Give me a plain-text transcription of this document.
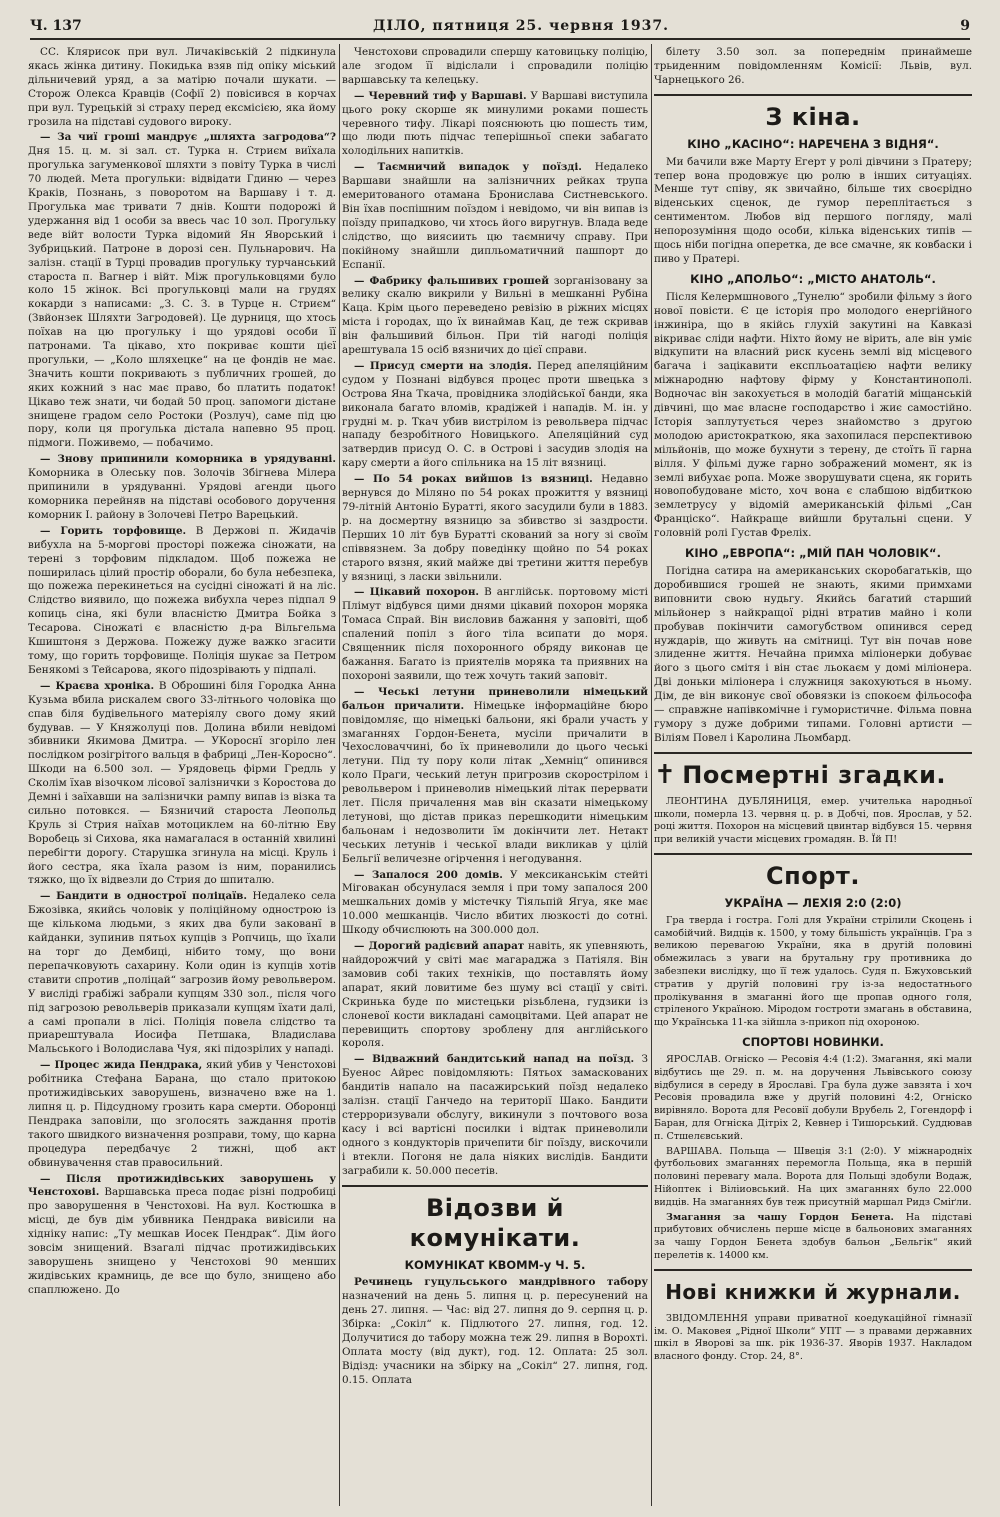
Ч. 137	ДІЛО, пятниця 25. червня 1937.	9

СС. Клярисок при вул. Личаківській 2 підкинула якась жінка дитину. Покидька взяв під опіку міський дільничевий уряд, а за матірю почали шукати. — Сторож Олекса Кравців (Софії 2) повісився в корчах при вул. Турецькій зі страху перед ексмісією, яка йому грозила на підставі судового вироку.

— За чиї гроші мандрує „шляхта загродова“? Дня 15. ц. м. зі зал. ст. Турка н. Стриєм виїхала прогулька загуменкової шляхти з повіту Турка в числі 70 людей. Мета прогульки: відвідати Гдиню — через Краків, Познань, з поворотом на Варшаву і т. д. Прогулька має тривати 7 днів. Кошти подорожі й удержання від 1 особи за ввесь час 10 зол. Прогульку веде війт волости Турка відомий Ян Яворський і Зубрицький. Патроне в дорозі сен. Пульнарович. На залізн. стації в Турці провадив прогульку турчанський староста п. Вагнер і війт. Між прогульковцями було коло 15 жінок. Всі прогульковці мали на грудях кокарди з написами: „З. С. З. в Турце н. Стриєм“ (Звйонзек Шляхти Загродовей). Це дурниця, що хтось поїхав на цю прогульку і що урядові особи її патронами. Та цікаво, хто покриває кошти цієї прогульки, — „Коло шляхецке“ на це фондів не має. Значить кошти покривають з публичних грошей, до яких кожний з нас має право, бо платить податок! Цікаво теж знати, чи бодай 50 проц. запомоги дістане знищене градом село Ростоки (Розлуч), саме під цю пору, коли ця прогулька дістала напевно 95 проц. підмоги. Поживемо, — побачимо.

— Знову припинили коморника в урядуванні. Коморника в Олеську пов. Золочів Збігнева Мілера припинили в урядуванні. Урядові агенди цього коморника перейняв на підставі особового доручення коморник I. району в Золочеві Петро Варецький.

— Горить торфовище. В Держові п. Жидачів вибухла на 5-моргові просторі пожежа сіножати, на терені з торфовим підкладом. Щоб пожежа не поширилась цілий простір оборали, бо була небезпека, що пожежа перекинеться на сусідні сіножаті й на ліс. Слідство виявило, що пожежа вибухла через підпал 9 копиць сіна, які були власністю Дмитра Бойка з Тесарова. Сіножаті є власністю д-ра Вільгельма Кшиштоня з Держова. Пожежу дуже важко згасити тому, що горить торфовище. Поліція шукає за Петром Бенякомі з Тейсарова, якого підозрівають у підпалі.

— Краєва хроніка. В Оброшині біля Городка Анна Кузьма вбила рискалем свого 33-літнього чоловіка що спав біля будівельного матеріялу свого дому який будував. — У Княжолуці пов. Долина вбили невідомі збивники Якимова Дмитра. — УКороснї згоріло лен послідком розігрітого вальця в фабриці „Лен-Коросно“. Шкоди на 6.500 зол. — Урядовець фірми Гредль у Сколім їхав візочком лісової залізнички з Коростова до Демні і заїхавши на залізнички рампу випав із візка та сильно потовкся. — Бязничий староста Леопольд Круль зі Стрия наїхав мотоциклем на 60-літню Еву Воробець зі Сихова, яка намагалася в останній хвилині перебігти дорогу. Старушка згинула на місці. Круль і його сестра, яка їхала разом із ним, поранились тяжко, що їх відвезли до Стрия до шпиталю.

— Бандити в однострої поліцаїв. Недалеко села Бжозівка, якийсь чоловік у поліційному однострою із ще кількома людьми, з яких два були закованї в кайданки, зупинив пятьох купців з Ропчиць, що їхали на торг до Дембиці, нібито тому, що вони перепачковують сахарину. Коли один із купців хотів ставити спротив „поліцай“ загрозив йому револьвером. У висліді грабіжі забрали купцям 330 зол., після чого під загрозою револьверів приказали купцям їхати далі, а самі пропали в лісі. Поліція повела слідство та приарештувала Иосифа Петшака, Владислава Мальського і Володислава Чуя, які підозрілих у нападі.

— Процес жида Пендрака, який убив у Ченстохові робітника Стефана Барана, що стало притокою протижидівських заворушень, визначено вже на 1. липня ц. р. Підсудному грозить кара смерти. Оборонці Пендрака заповіли, що зголосять заждання протів такого швидкого визначення розправи, тому, що карна процедура передбачує 2 тижні, щоб акт обвинувачення став правосильний.

— Після протижидівських заворушень у Ченстохові. Варшавська преса подає різні подробиці про заворушення в Ченстохові. На вул. Костюшка в місці, де був дім убивника Пендрака вивісили на хідніку напис: „Ту мешкав Иосек Пендрак“. Дім його зовсім знищений. Взагалі підчас протижидівських заворушень знищено у Ченстохові 90 менших жидівських крамниць, де все що було, знищено або спаплюжено. До

Ченстохови спровадили спершу катовицьку поліцію, але згодом її відіслали і спровадили поліцію варшавську та келецьку.

— Черевний тиф у Варшаві. У Варшаві виступила цього року скорше як минулими роками пошесть черевного тифу. Лікарі пояснюють цю пошесть тим, що люди пють підчас теперішньої спеки забагато холодільних напитків.

— Таємничий випадок у поїзді. Недалеко Варшави знайшли на залізничних рейках трупа емеритованого отамана Бронислава Систневського. Він їхав поспішним поїздом і невідомо, чи він випав із поїзду припадково, чи хтось його виругнув. Влада веде слідство, що виясиить цю таємничу справу. При покійному знайшли дипльоматичний пашпорт до Еспанії.

— Фабрику фальшивих грошей зорганізовану за велику скалю викрили у Вильні в мешканні Рубіна Каца. Крім цього переведено ревізію в ріжних місцях міста і городах, що їх винаймав Кац, де теж скривав він фальшивий більон. При тій нагоді поліція арештувала 15 осіб вязничих до цієї справи.

— Присуд смерти на злодія. Перед апеляційним судом у Познані відбувся процес проти швецька з Острова Яна Ткача, провідника злодійської банди, яка виконала багато вломів, крадіжей і нападів. М. ін. у грудні м. р. Ткач убив вистрілом із револьвера підчас нападу безробітного Новицького. Апеляційний суд затвердив присуд О. С. в Острові і засудив злодія на кару смерти а його спільника на 15 літ вязниці.

— По 54 роках вийшов із вязниці. Недавно вернувся до Міляно по 54 роках прожиття у вязниці 79-літній Антоніо Буратті, якого засудили були в 1883. р. на досмертну вязницю за збивство зі заздрости. Перших 10 літ був Буратті скований за ногу зі своїм співвязнем. За добру поведінку щойно по 54 роках старого вязня, який майже дві третини життя перебув у вязниці, з ласки звільнили.

— Цікавий похорон. В англійськ. портовому місті Плімут відбувся цими днями цікавий похорон моряка Томаса Спрай. Він висловив бажання у заповіті, щоб спалений попіл з його тіла всипати до моря. Священник після похоронного обряду виконав це бажання. Багато із приятелів моряка та приявних на похороні заявили, що теж хочуть такий заповіт.

— Чеські летуни приневолили німецький бальон причалити. Німецьке інформаційне бюро повідомляє, що німецькі бальони, які брали участь у змаганнях Гордон-Бенета, мусіли причалити в Чехословаччині, бо їх приневолили до цього чеські летуни. Під ту пору коли літак „Хемніц“ опинився коло Праги, чеський летун пригрозив скорострілом і револьвером і приневолив німецький літак перервати лет. Після причалення мав він сказати німецькому летунові, що дістав приказ перешкодити німецьким бальонам і недозволити їм докінчити лет. Нетакт чеських летунів і чеської влади викликав у цілій Бельгії величезне огірчення і негодування.

— Запалося 200 домів. У мексиканськім стейті Міговакан обсунулася земля і при тому запалося 200 мешкальних домів у містечку Тіяльпій Ягуа, яке має 10.000 мешканців. Число вбитих люзкості до сотні. Шкоду обчислюють на 300.000 дол.

— Дорогий радієвий апарат навіть, як упевняють, найдорожчий у світі має магараджа з Патіяля. Він замовив собі таких техніків, що поставлять йому апарат, який ловитиме без шуму всі стації у світі. Скринька буде по мистецьки різьблена, гудзики із слоневої кости викладані самоцвітами. Цей апарат не перевищить спортову зроблену для англійського короля.

— Відважний бандитський напад на поїзд. З Буенос Айрес повідомляють: Пятьох замаскованих бандитів напало на пасажирський поїзд недалеко залізн. стації Ганчедо на території Шако. Бандити стерроризували обслугу, викинули з почтового воза касу і всі вартісні посилки і відтак приневолили одного з кондукторів причепити біг поїзду, вискочили і втекли. Погоня не дала ніяких вислідів. Бандити заграбили к. 50.000 песетів.

Відозви й комунікати.
КОМУНІКАТ КВОММ-у Ч. 5.

Речинець гуцульського мандрівного табору назначений на день 5. липня ц. р. пересунений на день 27. липня. — Час: від 27. липня до 9. серпня ц. р. Збірка: „Сокіл“ к. Підлютого 27. липня, год. 12. Долучитися до табору можна теж 29. липня в Ворохті. Оплата мосту (від дукт), год. 12. Оплата: 25 зол. Відізд: учасники на збірку на „Сокіл“ 27. липня, год. 0.15. Оплата

білету 3.50 зол. за попереднім принаймеше трьиденним повідомленням Комісії: Львів, вул. Чарнецького 26.

З кіна.
КІНО „КАСІНО“: НАРЕЧЕНА З ВІДНЯ“.

Ми бачили вже Марту Егерт у ролі дівчини з Пратеру; тепер вона продовжує цю ролю в інших ситуаціях. Менше тут співу, як звичайно, більше тих своєрідно віденських сценок, де гумор переплітається з сентиментом. Любов від першого погляду, малі непорозуміння щодо особи, кілька віденських типів — щось ніби погідна оперетка, де все смачне, як ковбаски і пиво у Пратері.

КІНО „АПОЛЬО“: „МІСТО АНАТОЛЬ“.

Після Келермшнового „Тунелю“ зробили фільму з його нової повісти. Є це історія про молодого енергійного інжиніра, що в якійсь глухій закутині на Кавказі вікриває сліди нафти. Ніхто йому не вірить, але він уміє відкупити на власний риск кусень землі від місцевого багача і зацікавити експльоатацією нафти велику міжнародню нафтову фірму у Константинополі. Водночас він закохується в молодій багатій міщанській дівчині, що має власне господарство і жиє самостійно. Історія заплутується через знайомство з другою молодою аристократкою, яка захопилася перспективою мільйонів, що може бухнути з терену, де стоїть її гарна вілля. У фільмі дуже гарно зображений момент, як із землі вибухає ропа. Може зворушувати сцена, як горить новопобудоване місто, хоч вона є слабшою відбиткою землетрусу у відомій американській фільмі „Сан Франціско“. Найкраще вийшли брутальні сцени. У головній ролі Густав Фреліх.

КІНО „ЕВРОПА“: „МІЙ ПАН ЧОЛОВІК“.

Погідна сатира на американських скоробагатьків, що доробившися грошей не знають, якими примхами виповнити свою нудьгу. Якийсь багатий старший мільйонер з найкращої рідні втратив майно і коли пробував покінчити самогубством опинився серед нуждарів, що живуть на смітниці. Тут він почав нове злиденне життя. Нечайна примха міліонерки добуває його з цього смітя і він стає льокаєм у домі міліонера. Дві доньки міліонера і служниця закохуються в ньому. Дім, де він виконує свої обовязки із спокоєм фільософа — справжне напівкомічне і гумористичне. Фільма повна гумору з дуже добрими типами. Головні артисти — Віліям Повел і Каролина Льомбард.

✝ Посмертні згадки.

ЛЕОНТИНА ДУБЛЯНИЦЯ, емер. учителька народньої школи, померла 13. червня ц. р. в Добчі, пов. Ярослав, у 52. році життя. Похорон на місцевий цвинтар відбувся 15. червня при великій участи місцевих громадян. В. Їй П!

Спорт.
УКРАЇНА — ЛЕХІЯ 2:0 (2:0)

Гра тверда і гостра. Голі для України стрілили Скоцень і самобійчий. Видців к. 1500, у тому більшість українців. Гра з великою перевагою України, яка в другій половині обмежилась з уваги на брутальну гру противника до забезпеки вислідку, що її теж удалось. Судя п. Бжуховський стратив у другій половині гру із-за недостатнього пролікування в змаганні його ще пропав одного голя, стріленого Україною. Міродом гостроти змагань в обставина, що Українська 11-ка зійшла з-прикоп під охороною.

СПОРТОВІ НОВИНКИ.

ЯРОСЛАВ. Огніско — Ресовія 4:4 (1:2). Змагання, які мали відбутись ще 29. п. м. на доручення Львівського союзу відбулися в середу в Ярославі. Гра була дуже завзята і хоч Ресовія провадила вже у другій половині 4:2, Огніско вирівняло. Ворота для Ресовії добули Врубель 2, Гогендорф і Баран, для Огніска Дітріх 2, Кевнер і Тишорський. Суддював п. Стшелєвський.

ВАРШАВА. Польща — Швеція 3:1 (2:0). У міжнародніх футбольових змаганнях перемогла Польща, яка в першій половині перевагу мала. Ворота для Польщі здобули Водаж, Нійоптек і Віліиовський. На цих змаганнях було 22.000 видців. На змаганнях був теж присутній маршал Ридз Сміґли.

Змагання за чашу Гордон Бенета. На підставі прибутових обчислень перше місце в бальонових змаганнях за чашу Гордон Бенета здобув бальон „Бельгік“ який перелетів к. 14000 км.

Нові книжки й журнали.

ЗВІДОМЛЕННЯ управи приватної коедукаційної гімназії ім. О. Маковея „Рідної Школи“ УПТ — з правами державних шкіл в Яворові за шк. рік 1936-37. Яворів 1937. Накладом власного фонду. Стор. 24, 8°.
